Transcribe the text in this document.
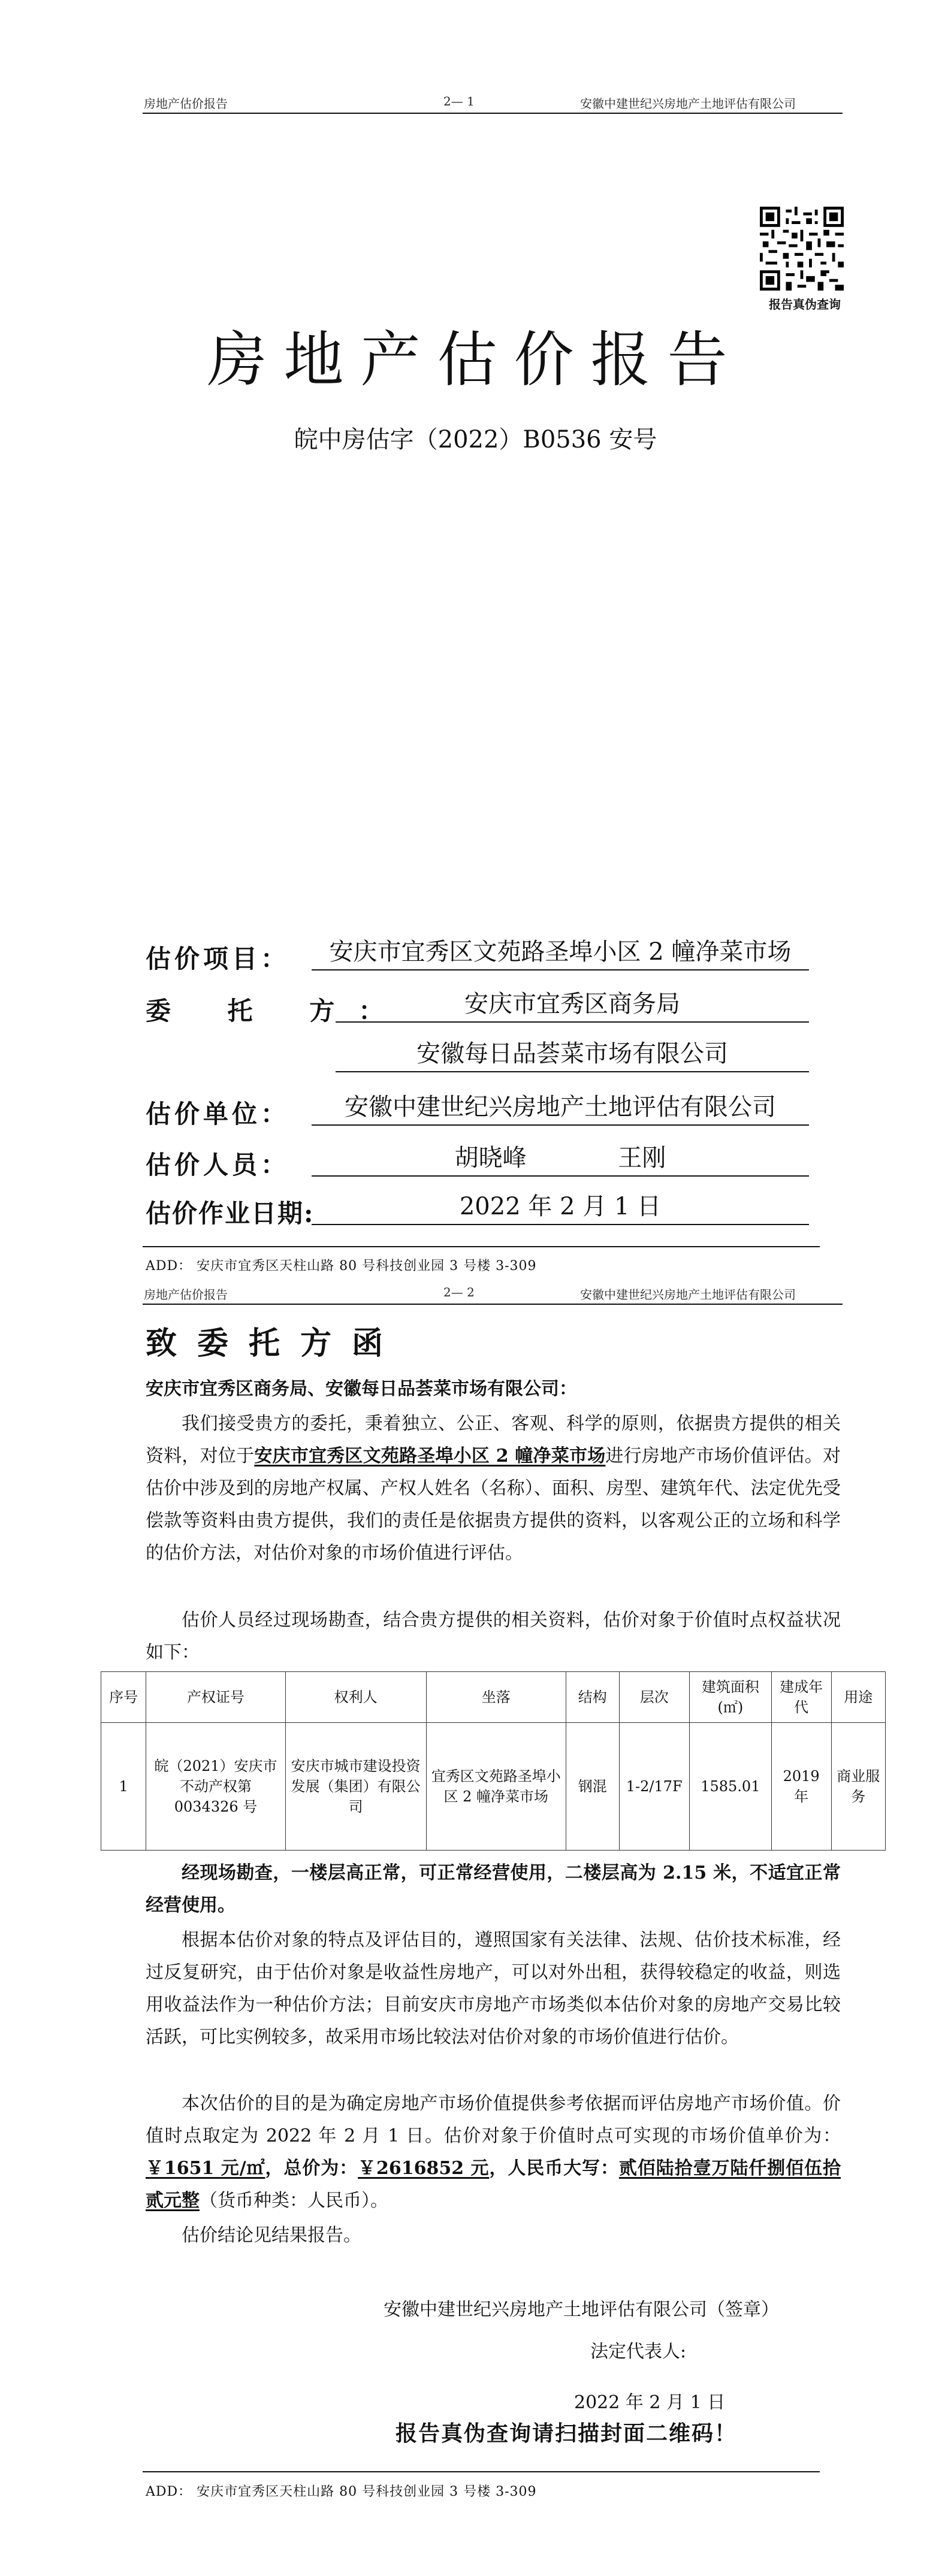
房地产估价报告	2— 1	安徽中建世纪兴房地产土地评估有限公司
报告真伪查询
房地产估价报告
皖中房估字（2022）B0536 安号
估价项目：	安庆市宜秀区文苑路圣埠小区 2 幢净菜市场
委 托 方：	安庆市宜秀区商务局
安徽每日品荟菜市场有限公司
估价单位：	安徽中建世纪兴房地产土地评估有限公司
估价人员：	胡晓峰 王刚
估价作业日期:	2022 年 2 月 1 日
ADD： 安庆市宜秀区天柱山路 80 号科技创业园 3 号楼 3-309
房地产估价报告	2— 2	安徽中建世纪兴房地产土地评估有限公司
致委托方函
安庆市宜秀区商务局、安徽每日品荟菜市场有限公司：
我们接受贵方的委托，秉着独立、公正、客观、科学的原则，依据贵方提供的相关资料，对位于安庆市宜秀区文苑路圣埠小区 2 幢净菜市场进行房地产市场价值评估。对估价中涉及到的房地产权属、产权人姓名（名称）、面积、房型、建筑年代、法定优先受偿款等资料由贵方提供，我们的责任是依据贵方提供的资料，以客观公正的立场和科学的估价方法，对估价对象的市场价值进行评估。
估价人员经过现场勘查，结合贵方提供的相关资料，估价对象于价值时点权益状况如下：
序号	产权证号	权利人	坐落	结构	层次	建筑面积(㎡)	建成年代	用途
1	皖（2021）安庆市不动产权第 0034326 号	安庆市城市建设投资发展（集团）有限公司	宜秀区文苑路圣埠小区 2 幢净菜市场	钢混	1-2/17F	1585.01	2019 年	商业服务
经现场勘查，一楼层高正常，可正常经营使用，二楼层高为 2.15 米，不适宜正常经营使用。
根据本估价对象的特点及评估目的，遵照国家有关法律、法规、估价技术标准，经过反复研究，由于估价对象是收益性房地产，可以对外出租，获得较稳定的收益，则选用收益法作为一种估价方法；目前安庆市房地产市场类似本估价对象的房地产交易比较活跃，可比实例较多，故采用市场比较法对估价对象的市场价值进行估价。
本次估价的目的是为确定房地产市场价值提供参考依据而评估房地产市场价值。价值时点取定为 2022 年 2 月 1 日。估价对象于价值时点可实现的市场价值单价为：￥1651 元/㎡，总价为：￥2616852 元，人民币大写：贰佰陆拾壹万陆仟捌佰伍拾贰元整（货币种类：人民币）。
估价结论见结果报告。
安徽中建世纪兴房地产土地评估有限公司（签章）
法定代表人:
2022 年 2 月 1 日
报告真伪查询请扫描封面二维码！
ADD： 安庆市宜秀区天柱山路 80 号科技创业园 3 号楼 3-309
